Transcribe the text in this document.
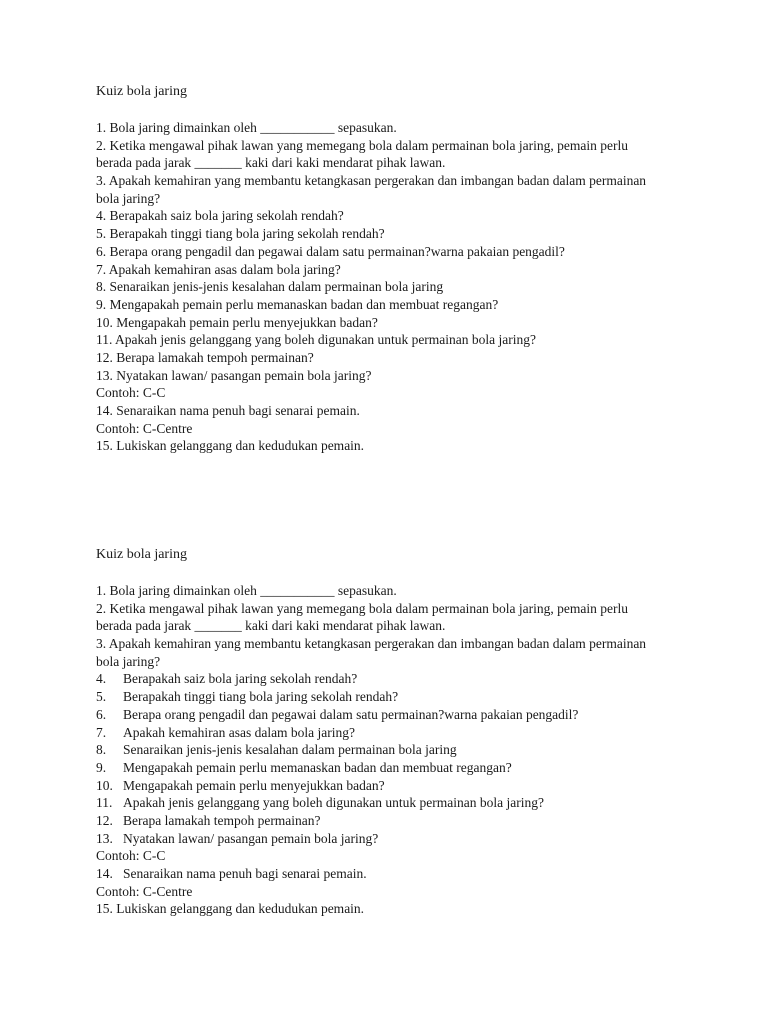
Kuiz bola jaring
1. Bola jaring dimainkan oleh ___________ sepasukan.
2. Ketika mengawal pihak lawan yang memegang bola dalam permainan bola jaring, pemain perlu
berada pada jarak _______ kaki dari kaki mendarat pihak lawan.
3. Apakah kemahiran yang membantu ketangkasan pergerakan dan imbangan badan dalam permainan
bola jaring?
4. Berapakah saiz bola jaring sekolah rendah?
5. Berapakah tinggi tiang bola jaring sekolah rendah?
6. Berapa orang pengadil dan pegawai dalam satu permainan?warna pakaian pengadil?
7. Apakah kemahiran asas dalam bola jaring?
8. Senaraikan jenis-jenis kesalahan dalam permainan bola jaring
9. Mengapakah pemain perlu memanaskan badan dan membuat regangan?
10. Mengapakah pemain perlu menyejukkan badan?
11. Apakah jenis gelanggang yang boleh digunakan untuk permainan bola jaring?
12. Berapa lamakah tempoh permainan?
13. Nyatakan lawan/ pasangan pemain bola jaring?
Contoh: C-C
14. Senaraikan nama penuh bagi senarai pemain.
Contoh: C-Centre
15. Lukiskan gelanggang dan kedudukan pemain.
Kuiz bola jaring
1. Bola jaring dimainkan oleh ___________ sepasukan.
2. Ketika mengawal pihak lawan yang memegang bola dalam permainan bola jaring, pemain perlu
berada pada jarak _______ kaki dari kaki mendarat pihak lawan.
3. Apakah kemahiran yang membantu ketangkasan pergerakan dan imbangan badan dalam permainan
bola jaring?
4. Berapakah saiz bola jaring sekolah rendah?
5. Berapakah tinggi tiang bola jaring sekolah rendah?
6. Berapa orang pengadil dan pegawai dalam satu permainan?warna pakaian pengadil?
7. Apakah kemahiran asas dalam bola jaring?
8. Senaraikan jenis-jenis kesalahan dalam permainan bola jaring
9. Mengapakah pemain perlu memanaskan badan dan membuat regangan?
10. Mengapakah pemain perlu menyejukkan badan?
11. Apakah jenis gelanggang yang boleh digunakan untuk permainan bola jaring?
12. Berapa lamakah tempoh permainan?
13. Nyatakan lawan/ pasangan pemain bola jaring?
Contoh: C-C
14. Senaraikan nama penuh bagi senarai pemain.
Contoh: C-Centre
15. Lukiskan gelanggang dan kedudukan pemain.
